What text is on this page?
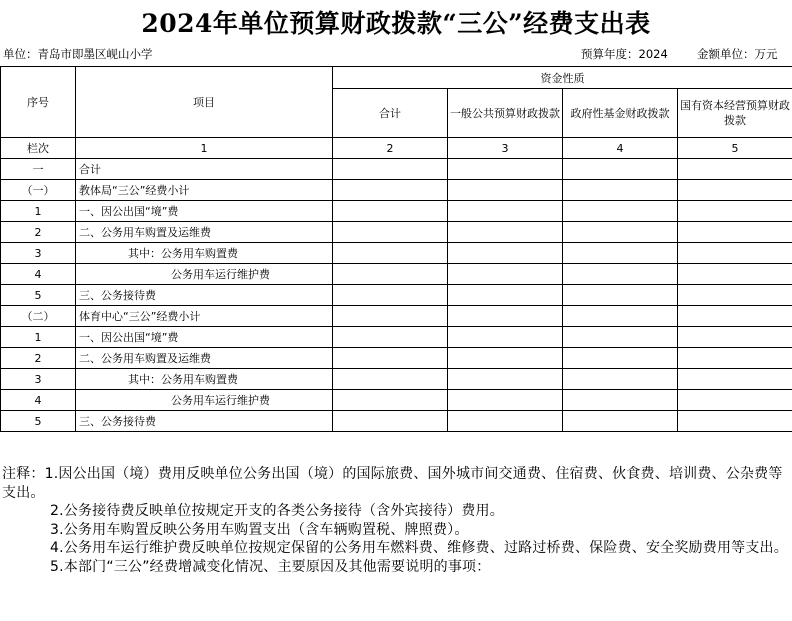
2024年单位预算财政拨款“三公”经费支出表
单位：青岛市即墨区岘山小学	预算年度：2024	金额单位：万元
序号	项目	资金性质			
		合计	一般公共预算财政拨款	政府性基金财政拨款	国有资本经营预算财政拨款
栏次	1	2	3	4	5
一	合计				
（一）	教体局“三公”经费小计				
1	一、因公出国“境”费				
2	二、公务用车购置及运维费				
3	其中：公务用车购置费				
4	公务用车运行维护费				
5	三、公务接待费				
（二）	体育中心“三公”经费小计				
1	一、因公出国“境”费				
2	二、公务用车购置及运维费				
3	其中：公务用车购置费				
4	公务用车运行维护费				
5	三、公务接待费				

注释：1.因公出国（境）费用反映单位公务出国（境）的国际旅费、国外城市间交通费、住宿费、伙食费、培训费、公杂费等支出。

2.公务接待费反映单位按规定开支的各类公务接待（含外宾接待）费用。

3.公务用车购置反映公务用车购置支出（含车辆购置税、牌照费）。

4.公务用车运行维护费反映单位按规定保留的公务用车燃料费、维修费、过路过桥费、保险费、安全奖励费用等支出。

5.本部门“三公”经费增减变化情况、主要原因及其他需要说明的事项：
